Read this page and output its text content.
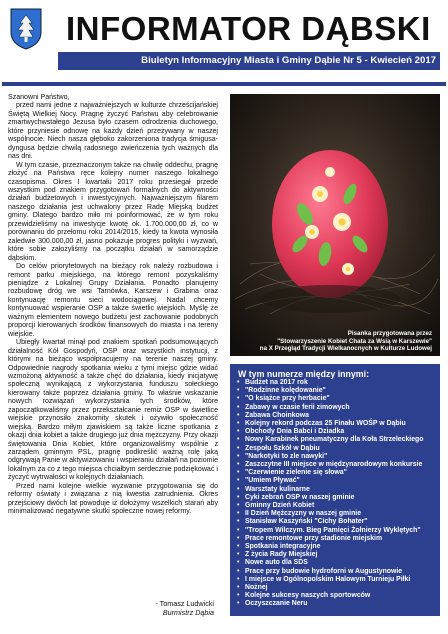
INFORMATOR DĄBSKI
Biuletyn Informacyjny Miasta i Gminy Dąbie Nr 5 - Kwiecień 2017

Szanowni Państwo,

przed nami jedne z najważniejszych w kulturze chrześcijańskiej Świętą Wielkiej Nocy. Pragnę życzyć Państwu aby celebrowanie zmartwychwstałego Jezusa było czasem odrodzenia duchowego, które przyniesie odnowę na każdy dzień przeżywany w naszej wspólnocie. Niech nasza głęboko zakorzeniona tradycja śmigusa-dyngusa będzie chwilą radosnego zwieńczenia tych ważnych dla nas dni.

W tym czasie, przeznaczonym także na chwilę oddechu, pragnę złożyć na Państwa ręce kolejny numer naszego lokalnego czasopisma. Okres I kwartału 2017 roku przesiegał przede wszystkim pod znakiem przygotowań formalnych do aktywności działań budżetowych i inwestycyjnych. Najważniejszym filarem naszego działania jest uchwalony przez Radę Miejską budżet gminy. Dlatego bardzo miło mi poinformować, że w tym roku przewidzieliśmy na inwestycje kwotę ok. 1.700.000,00 zł, co w porównaniu do przełomu roku 2014/2015, kiedy ta kwota wynosiła zaledwie 300.000,00 zł, jasno pokazuje progres polityki i wyzwań, które sobie założyliśmy na początku działań w samorządzie dąbskim.

Do celów priorytetowych na bieżący rok należy rozbudowa i remont parku miejskiego, na którego remont pozyskaliśmy pieniądze z Lokalnej Grupy Działania. Ponadto planujemy rozbudowę dróg we wsi Tarnówka, Karszew i Grabina oraz kontynuację remontu sieci wodociągowej. Nadal chcemy kontynuować wspieranie OSP a także świetlic wiejskich. Myślę że ważnym elementem nowego budżetu jest zachowanie podobnych proporcji kierowanych środków finansowych do miasta i na tereny wiejskie.

Ubiegły kwartał minął pod znakiem spotkań podsumowujących działalność Kół Gospodyń, OSP oraz wszystkich instytucji, z którymi na bieżąco współpracujemy na terenie naszej gminy. Odpowiednie nagrody spotkania wieku z tymi miejsc gdzie widać wzmożoną aktywność a także chęć do działania, kiedy inicjatywę społeczną wynikającą z wykorzystania funduszu sołeckiego kierowany także poprzez działania gminy. To właśnie wskazanie nowych rozwiązań wykorzystania tych środków, które zapoczątkowaliśmy przez przekształcanie remiz OSP w świetlice wiejskie przynosiło znakomity skutek i ożywiło społeczność wiejską. Bardzo miłym zjawiskiem są także liczne spotkania z okazji dnia kobiet a także drugiego już dnia mężczyzny. Przy okazji świętowania Dnia Kobiet, które organizowaliśmy wspólnie z zarządem gminnym PSL, pragnę podkreślić ważną rolę jaką odgrywają Panie w aktywizowaniu i wspieraniu działań na poziomie lokalnym za co z tego miejsca chciałbym serdecznie podziękować i życzyć wytrwałości w kolejnych działaniach.

Przed nami kolejne wielkie wyzwanie przygotowania się do reformy oświaty i związana z nią kwestia zatrudnienia. Okres przejściowy dwóch lat powoduje iż dołożymy wszelkich starań aby minimalizować negatywne skutki społeczne nowej reformy.

- Tomasz Ludwicki
Burmistrz Dąbia
Pisanka przygotowana przez
"Stowarzyszenie Kobiet Chata za Wsią w Karszewie"
na X Przegląd Tradycji Wielkanocnych w Kulturze Ludowej
W tym numerze między innymi:
• Budżet na 2017 rok
• "Rodzinne kolędowanie"
• "O książce przy herbacie"
• Zabawy w czasie ferii zimowych
• Zabawa Choinkowa
• Kolejny rekord podczas 25 Finału WOŚP w Dąbiu
• Obchody Dnia Babci i Dziadka
• Nowy Karabinek pneumatyczny dla Koła Strzeleckiego
• Zespołu Szkół w Dąbiu
• "Narkotyki to zle nawyki"
• Zaszczytne III miejsce w międzynarodowym konkursie
• "Czerwienie zielenie się słowa"
• "Umiem Pływać"
• Warsztaty kulinarne
• Cyki zebrań OSP w naszej gminie
• Gminny Dzień Kobiet
• II Dzień Mężczyzny w naszej gminie
• Stanisław Kaszyński "Cichy Bohater"
• "Tropem Wilczym. Bieg Pamięci Żołnierzy Wyklętych"
• Prace remontowe przy stadionie miejskim
• Spotkania integracyjne
• Z życia Rady Miejskiej
• Nowe auto dla SDS
• Prace przy budowie hydroforni w Augustynowie
• I miejsce w Ogólnopolskim Halowym Turnieju Piłki
• Nożnej
• Kolejne sukcesy naszych sportowców
• Oczyszczanie Neru
